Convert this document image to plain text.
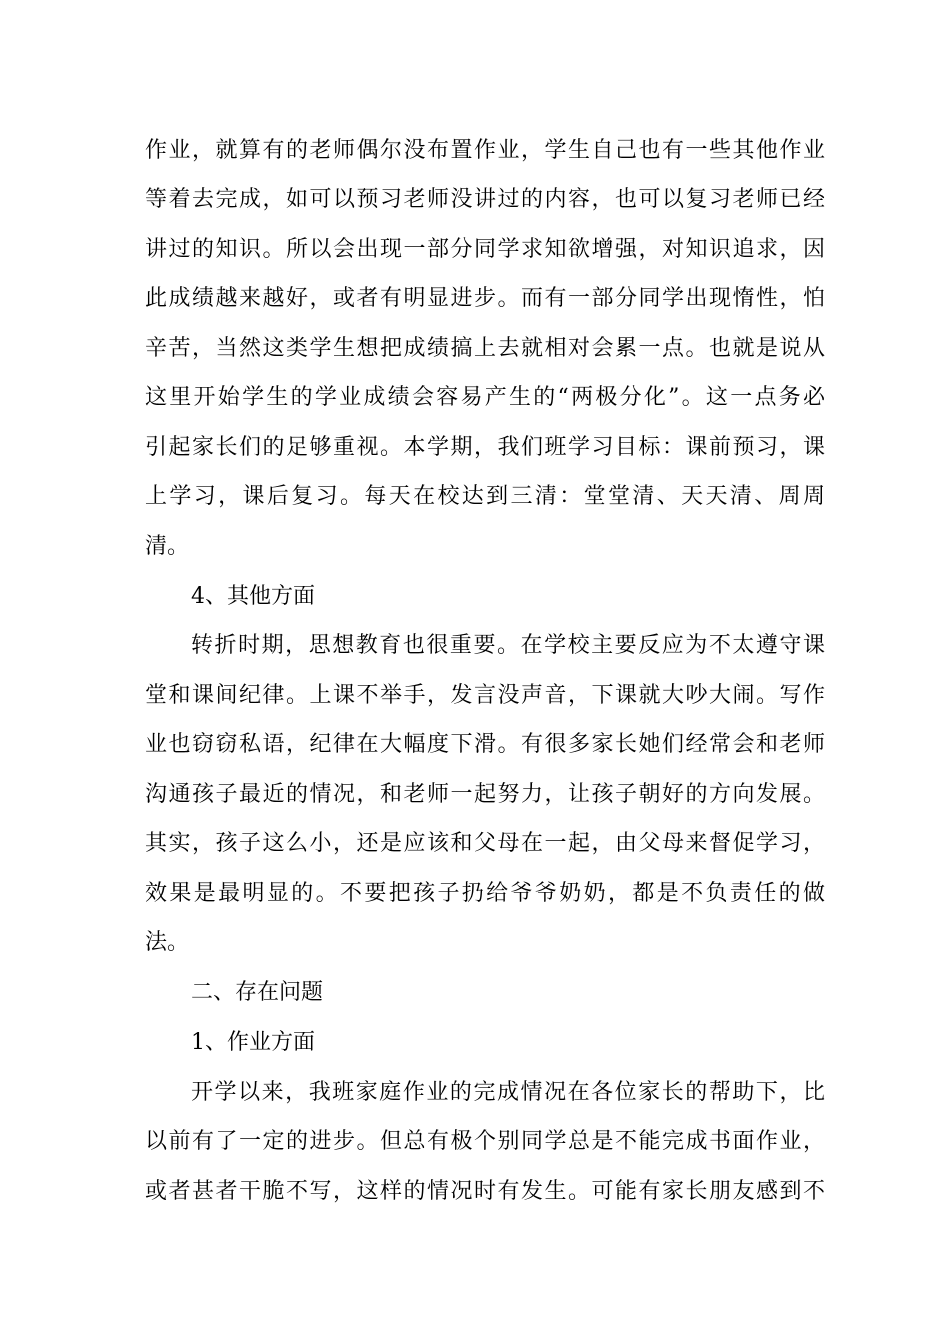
作业，就算有的老师偶尔没布置作业，学生自己也有一些其他作业
等着去完成，如可以预习老师没讲过的内容，也可以复习老师已经
讲过的知识。所以会出现一部分同学求知欲增强，对知识追求，因
此成绩越来越好，或者有明显进步。而有一部分同学出现惰性，怕
辛苦，当然这类学生想把成绩搞上去就相对会累一点。也就是说从
这里开始学生的学业成绩会容易产生的“两极分化”。这一点务必
引起家长们的足够重视。本学期，我们班学习目标：课前预习，课
上学习，课后复习。每天在校达到三清：堂堂清、天天清、周周
清。
4、其他方面
转折时期，思想教育也很重要。在学校主要反应为不太遵守课
堂和课间纪律。上课不举手，发言没声音，下课就大吵大闹。写作
业也窃窃私语，纪律在大幅度下滑。有很多家长她们经常会和老师
沟通孩子最近的情况，和老师一起努力，让孩子朝好的方向发展。
其实，孩子这么小，还是应该和父母在一起，由父母来督促学习，
效果是最明显的。不要把孩子扔给爷爷奶奶，都是不负责任的做
法。
二、存在问题
1、作业方面
开学以来，我班家庭作业的完成情况在各位家长的帮助下，比
以前有了一定的进步。但总有极个别同学总是不能完成书面作业，
或者甚者干脆不写，这样的情况时有发生。可能有家长朋友感到不
